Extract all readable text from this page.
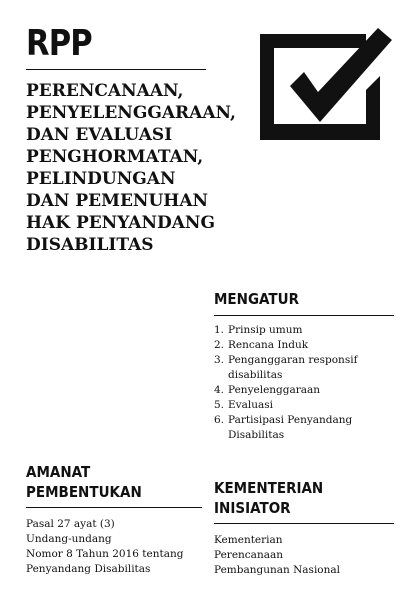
RPP
PERENCANAAN,
PENYELENGGARAAN,
DAN EVALUASI
PENGHORMATAN,
PELINDUNGAN
DAN PEMENUHAN
HAK PENYANDANG
DISABILITAS
MENGATUR
1. Prinsip umum
2. Rencana Induk
3. Penganggaran responsif
disabilitas
4. Penyelenggaraan
5. Evaluasi
6. Partisipasi Penyandang
Disabilitas
AMANAT
PEMBENTUKAN

Pasal 27 ayat (3)
Undang-undang
Nomor 8 Tahun 2016 tentang
Penyandang Disabilitas

KEMENTERIAN
INISIATOR

Kementerian
Perencanaan
Pembangunan Nasional
